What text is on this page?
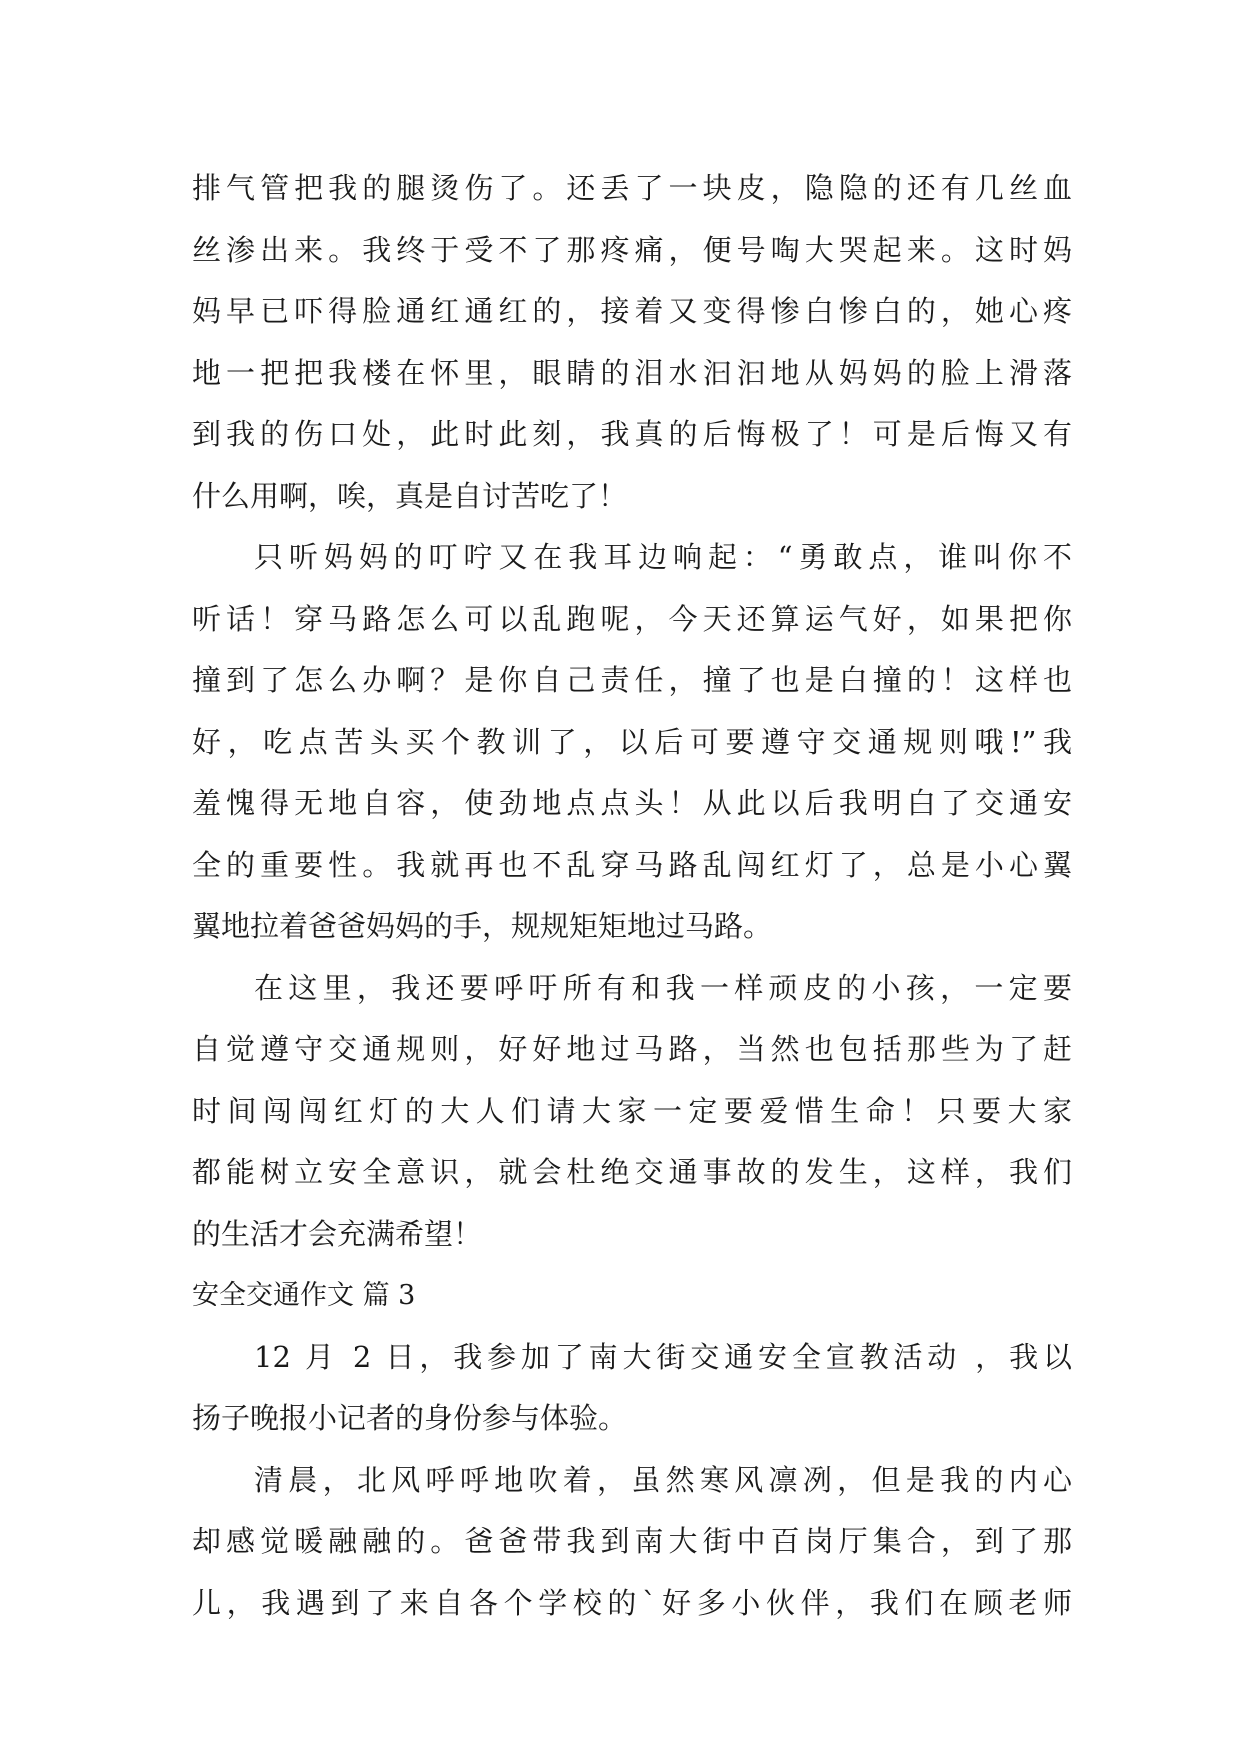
排气管把我的腿烫伤了。还丢了一块皮，隐隐的还有几丝血
丝渗出来。我终于受不了那疼痛，便号啕大哭起来。这时妈
妈早已吓得脸通红通红的，接着又变得惨白惨白的，她心疼
地一把把我楼在怀里，眼睛的泪水汩汩地从妈妈的脸上滑落
到我的伤口处，此时此刻，我真的后悔极了！可是后悔又有
什么用啊，唉，真是自讨苦吃了！
只听妈妈的叮咛又在我耳边响起：“勇敢点，谁叫你不
听话！穿马路怎么可以乱跑呢，今天还算运气好，如果把你
撞到了怎么办啊？是你自己责任，撞了也是白撞的！这样也
好，吃点苦头买个教训了，以后可要遵守交通规则哦!”我
羞愧得无地自容，使劲地点点头！从此以后我明白了交通安
全的重要性。我就再也不乱穿马路乱闯红灯了，总是小心翼
翼地拉着爸爸妈妈的手，规规矩矩地过马路。
在这里，我还要呼吁所有和我一样顽皮的小孩，一定要
自觉遵守交通规则，好好地过马路，当然也包括那些为了赶
时间闯闯红灯的大人们请大家一定要爱惜生命！只要大家
都能树立安全意识，就会杜绝交通事故的发生，这样，我们
的生活才会充满希望！
安全交通作文 篇 3
12 月 2 日，我参加了南大街交通安全宣教活动 ，我以
扬子晚报小记者的身份参与体验。
清晨，北风呼呼地吹着，虽然寒风凛冽，但是我的内心
却感觉暖融融的。爸爸带我到南大街中百岗厅集合，到了那
儿，我遇到了来自各个学校的`好多小伙伴，我们在顾老师
